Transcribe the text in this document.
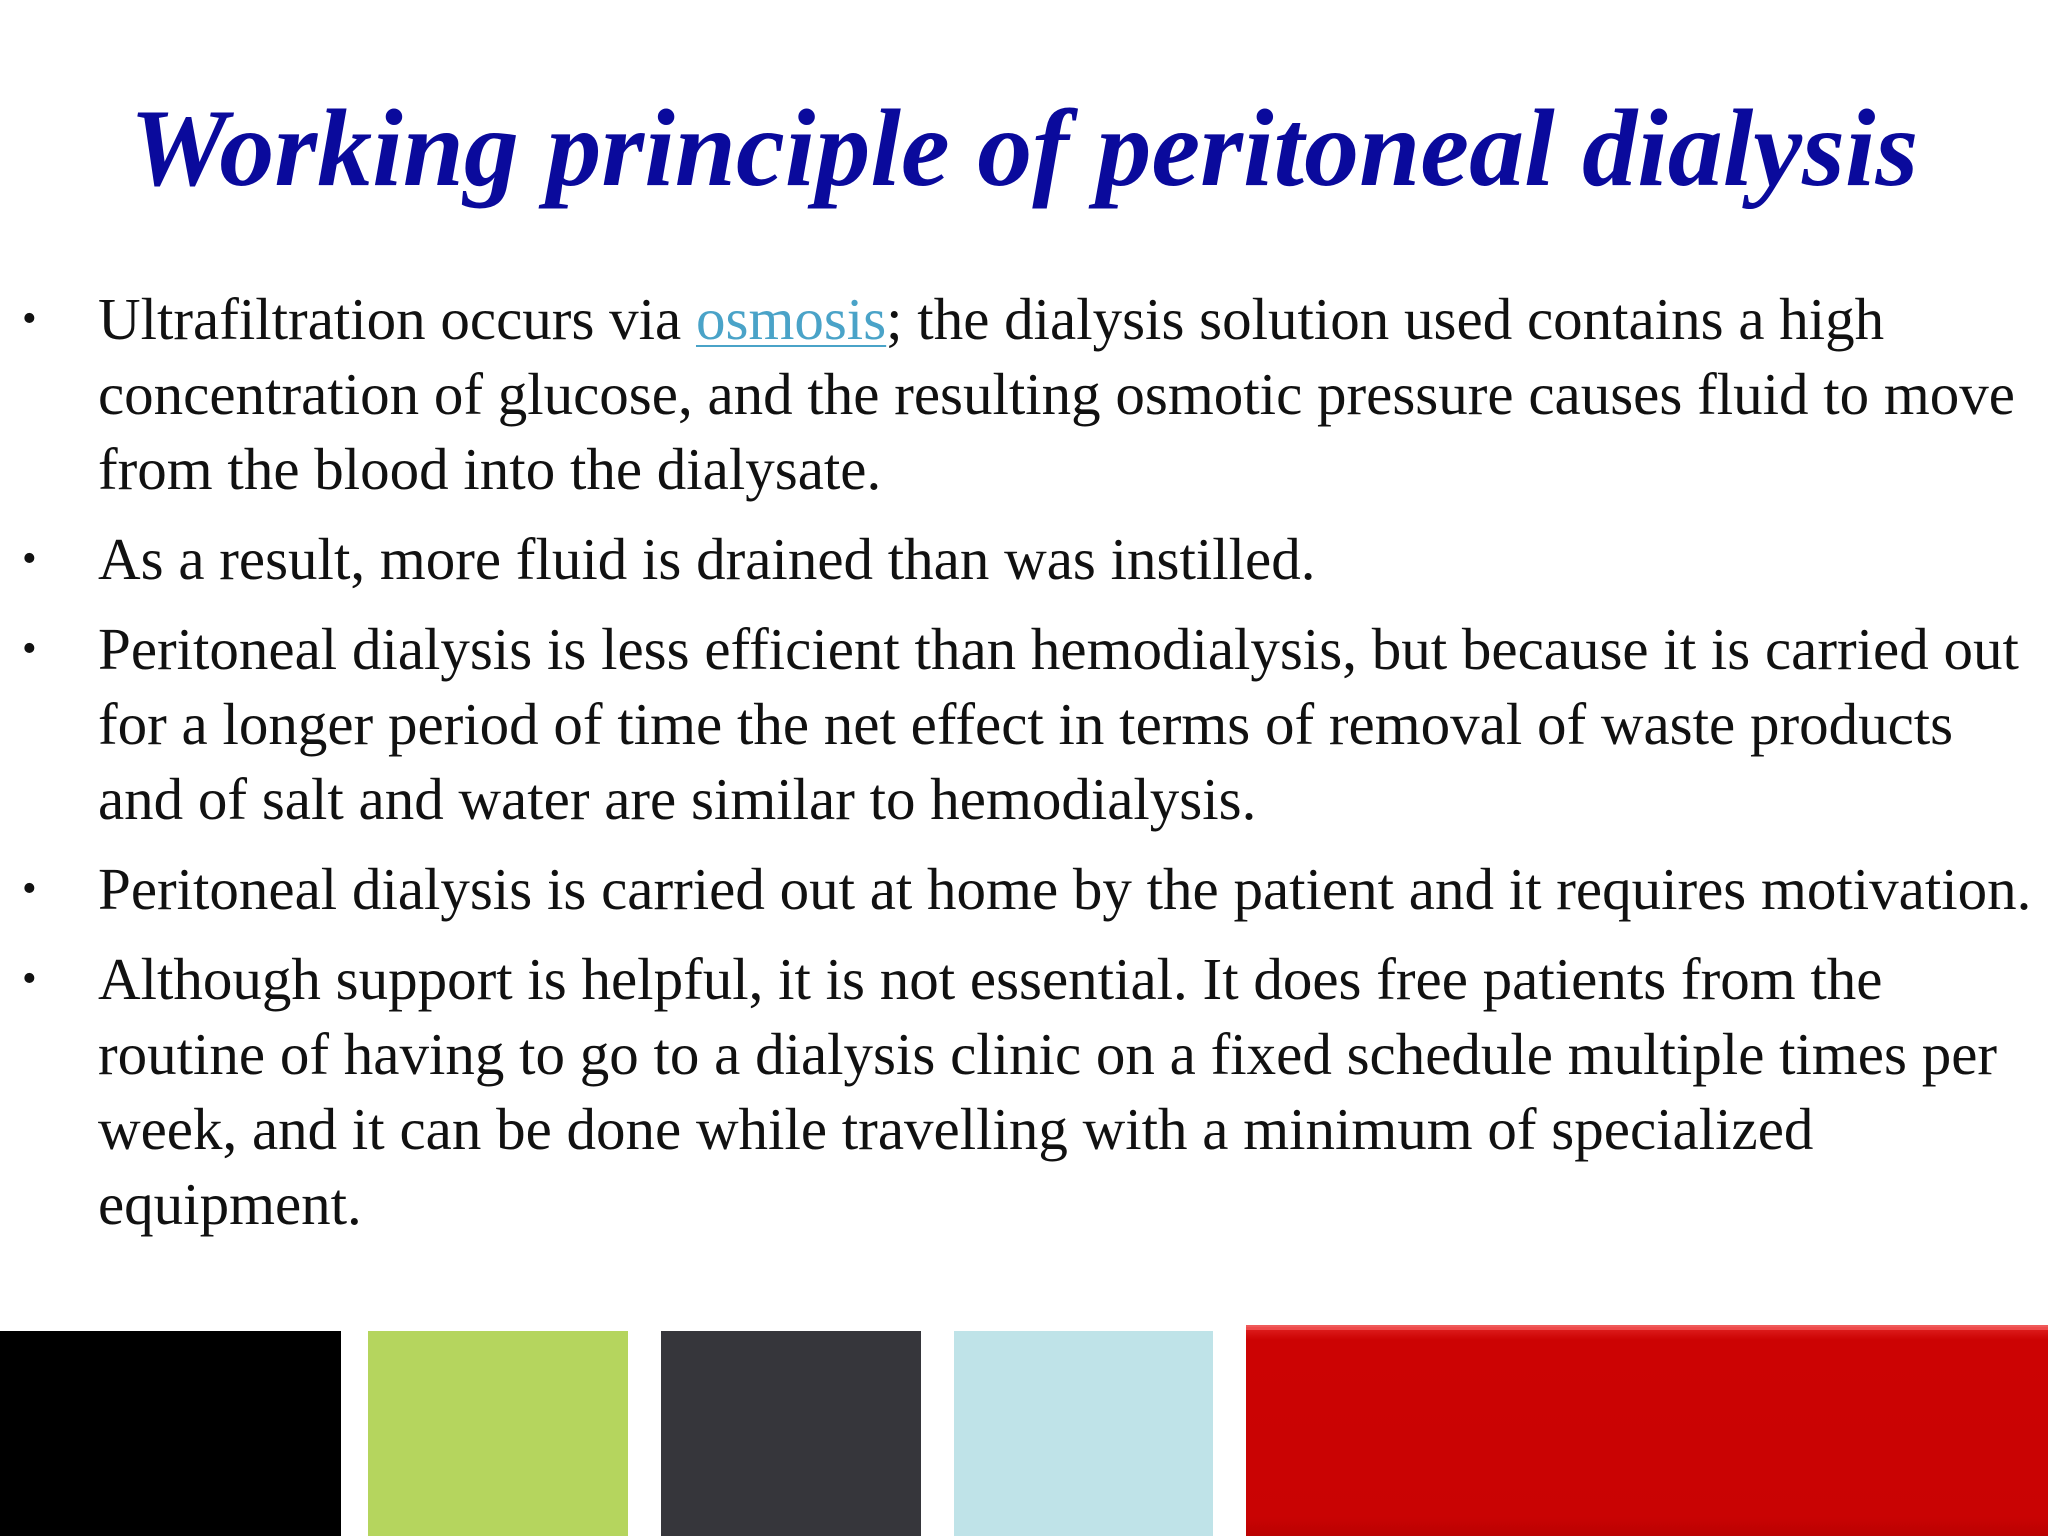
Working principle of peritoneal dialysis
• Ultrafiltration occurs via osmosis; the dialysis solution used contains a high concentration of glucose, and the resulting osmotic pressure causes fluid to move from the blood into the dialysate.
• As a result, more fluid is drained than was instilled.
• Peritoneal dialysis is less efficient than hemodialysis, but because it is carried out for a longer period of time the net effect in terms of removal of waste products and of salt and water are similar to hemodialysis.
• Peritoneal dialysis is carried out at home by the patient and it requires motivation.
• Although support is helpful, it is not essential. It does free patients from the routine of having to go to a dialysis clinic on a fixed schedule multiple times per week, and it can be done while travelling with a minimum of specialized equipment.
